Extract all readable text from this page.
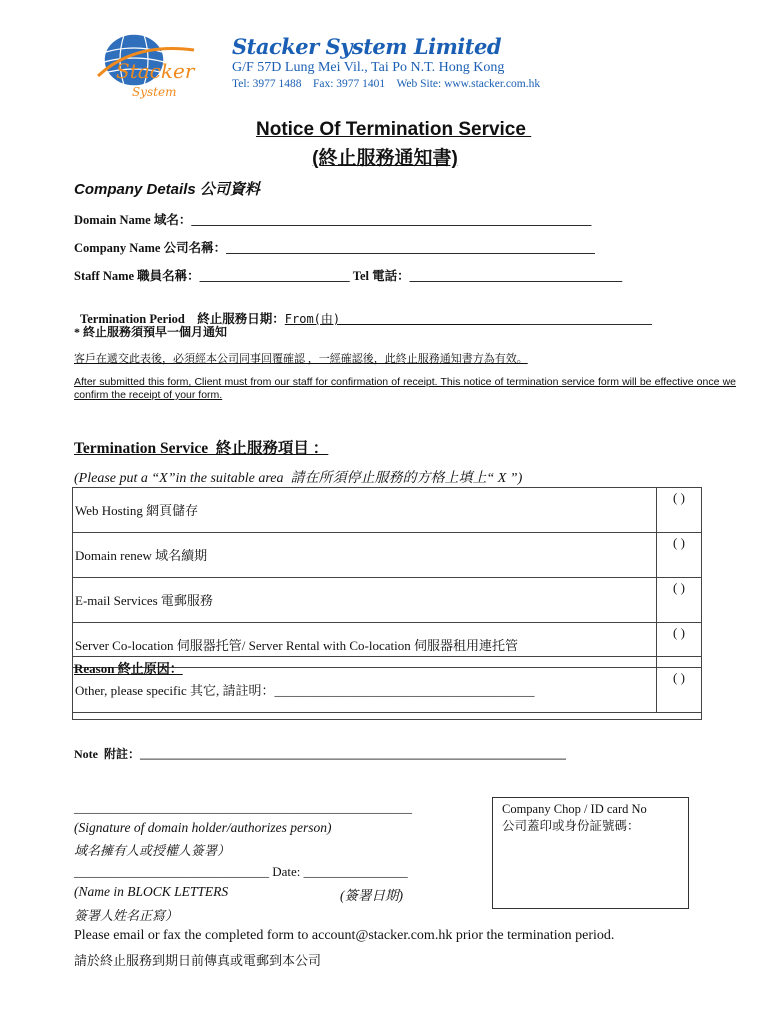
Stacker
System
Stacker System Limited
G/F 57D Lung Mei Vil., Tai Po N.T. Hong Kong
Tel: 3977 1488    Fax: 3977 1401    Web Site: www.stacker.com.hk
Notice Of Termination Service
(終止服務通知書)
Company Details 公司資料
Domain Name 域名：________________________________________________________________
Company Name 公司名稱：___________________________________________________________
Staff Name 職員名稱：________________________ Tel 電話：__________________________________

Termination Period    終止服務日期：From(由)                         _____________________

* 終止服務須預早一個月通知
客戶在遞交此表後，必須經本公司同事回覆確認 ，一經確認後，此終止服務通知書方為有效。
After submitted this form, Client must from our staff for confirmation of receipt. This notice of termination service form will be effective once we confirm the receipt of your form.
Termination Service  終止服務項目 ：
(Please put a “X”in the suitable area  請在所須停止服務的方格上填上“ X ”)
Web Hosting 網頁儲存	( )
Domain renew 域名續期	( )
E-mail Services 電郵服務	( )
Server Co-location 伺服器托管/ Server Rental with Co-location 伺服器租用連托管	( )
Other, please specific 其它, 請註明：________________________________________	( )
Reason 終止原因：
Note  附註：_______________________________________________________________________
____________________________________________________
(Signature of domain holder/authorizes person)
域名擁有人或授權人簽署）
______________________________ Date: ________________
(Name in BLOCK LETTERS	(簽署日期)
簽署人姓名正寫）
Company Chop / ID card No
公司蓋印或身份証號碼：
Please email or fax the completed form to account@stacker.com.hk prior the termination period.
請於終止服務到期日前傳真或電郵到本公司
